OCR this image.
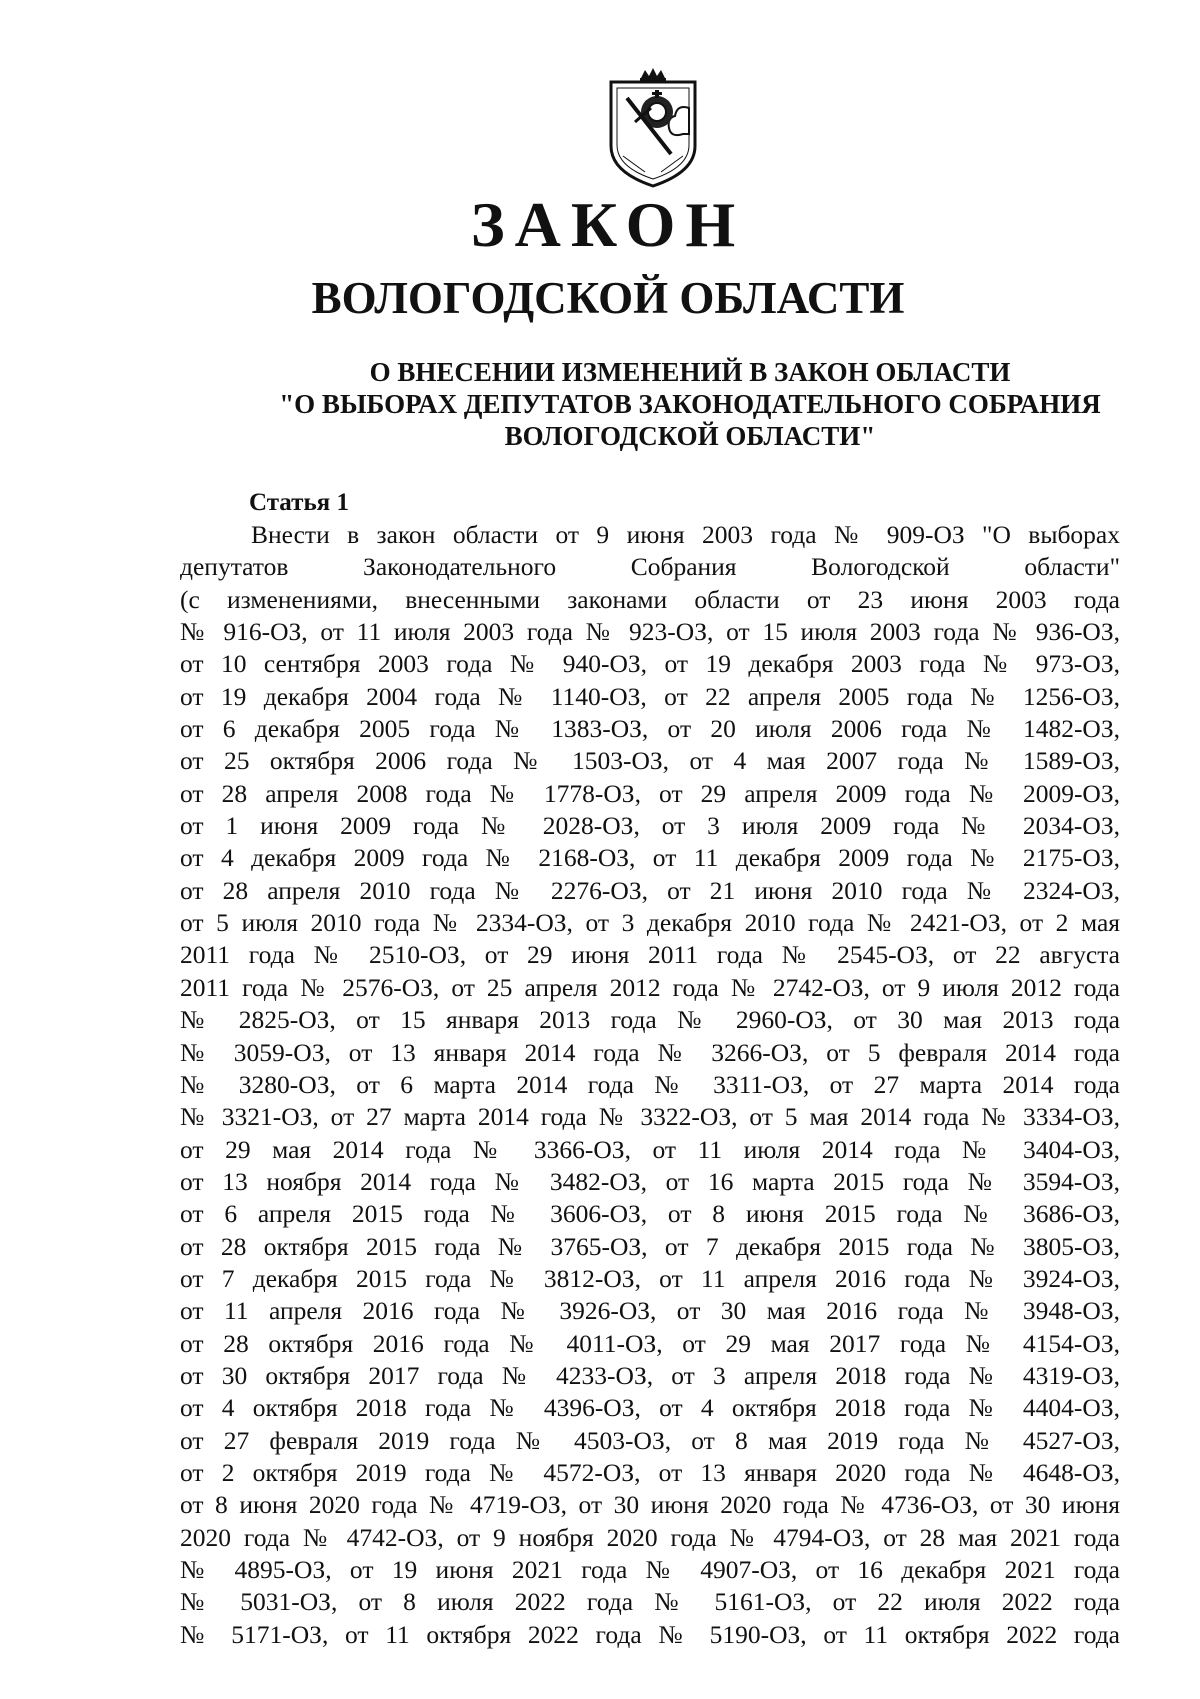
ЗАКОН
ВОЛОГОДСКОЙ ОБЛАСТИ
О ВНЕСЕНИИ ИЗМЕНЕНИЙ В ЗАКОН ОБЛАСТИ
"О ВЫБОРАХ ДЕПУТАТОВ ЗАКОНОДАТЕЛЬНОГО СОБРАНИЯ
ВОЛОГОДСКОЙ ОБЛАСТИ"
Статья 1
Внести в закон области от 9 июня 2003 года № 909-ОЗ "О выборах
депутатов Законодательного Собрания Вологодской области"
(с изменениями, внесенными законами области от 23 июня 2003 года
№ 916-ОЗ, от 11 июля 2003 года № 923-ОЗ, от 15 июля 2003 года № 936-ОЗ,
от 10 сентября 2003 года № 940-ОЗ, от 19 декабря 2003 года № 973-ОЗ,
от 19 декабря 2004 года № 1140-ОЗ, от 22 апреля 2005 года № 1256-ОЗ,
от 6 декабря 2005 года № 1383-ОЗ, от 20 июля 2006 года № 1482-ОЗ,
от 25 октября 2006 года № 1503-ОЗ, от 4 мая 2007 года № 1589-ОЗ,
от 28 апреля 2008 года № 1778-ОЗ, от 29 апреля 2009 года № 2009-ОЗ,
от 1 июня 2009 года № 2028-ОЗ, от 3 июля 2009 года № 2034-ОЗ,
от 4 декабря 2009 года № 2168-ОЗ, от 11 декабря 2009 года № 2175-ОЗ,
от 28 апреля 2010 года № 2276-ОЗ, от 21 июня 2010 года № 2324-ОЗ,
от 5 июля 2010 года № 2334-ОЗ, от 3 декабря 2010 года № 2421-ОЗ, от 2 мая
2011 года № 2510-ОЗ, от 29 июня 2011 года № 2545-ОЗ, от 22 августа
2011 года № 2576-ОЗ, от 25 апреля 2012 года № 2742-ОЗ, от 9 июля 2012 года
№ 2825-ОЗ, от 15 января 2013 года № 2960-ОЗ, от 30 мая 2013 года
№ 3059-ОЗ, от 13 января 2014 года № 3266-ОЗ, от 5 февраля 2014 года
№ 3280-ОЗ, от 6 марта 2014 года № 3311-ОЗ, от 27 марта 2014 года
№ 3321-ОЗ, от 27 марта 2014 года № 3322-ОЗ, от 5 мая 2014 года № 3334-ОЗ,
от 29 мая 2014 года № 3366-ОЗ, от 11 июля 2014 года № 3404-ОЗ,
от 13 ноября 2014 года № 3482-ОЗ, от 16 марта 2015 года № 3594-ОЗ,
от 6 апреля 2015 года № 3606-ОЗ, от 8 июня 2015 года № 3686-ОЗ,
от 28 октября 2015 года № 3765-ОЗ, от 7 декабря 2015 года № 3805-ОЗ,
от 7 декабря 2015 года № 3812-ОЗ, от 11 апреля 2016 года № 3924-ОЗ,
от 11 апреля 2016 года № 3926-ОЗ, от 30 мая 2016 года № 3948-ОЗ,
от 28 октября 2016 года № 4011-ОЗ, от 29 мая 2017 года № 4154-ОЗ,
от 30 октября 2017 года № 4233-ОЗ, от 3 апреля 2018 года № 4319-ОЗ,
от 4 октября 2018 года № 4396-ОЗ, от 4 октября 2018 года № 4404-ОЗ,
от 27 февраля 2019 года № 4503-ОЗ, от 8 мая 2019 года № 4527-ОЗ,
от 2 октября 2019 года № 4572-ОЗ, от 13 января 2020 года № 4648-ОЗ,
от 8 июня 2020 года № 4719-ОЗ, от 30 июня 2020 года № 4736-ОЗ, от 30 июня
2020 года № 4742-ОЗ, от 9 ноября 2020 года № 4794-ОЗ, от 28 мая 2021 года
№ 4895-ОЗ, от 19 июня 2021 года № 4907-ОЗ, от 16 декабря 2021 года
№ 5031-ОЗ, от 8 июля 2022 года № 5161-ОЗ, от 22 июля 2022 года
№ 5171-ОЗ, от 11 октября 2022 года № 5190-ОЗ, от 11 октября 2022 года
